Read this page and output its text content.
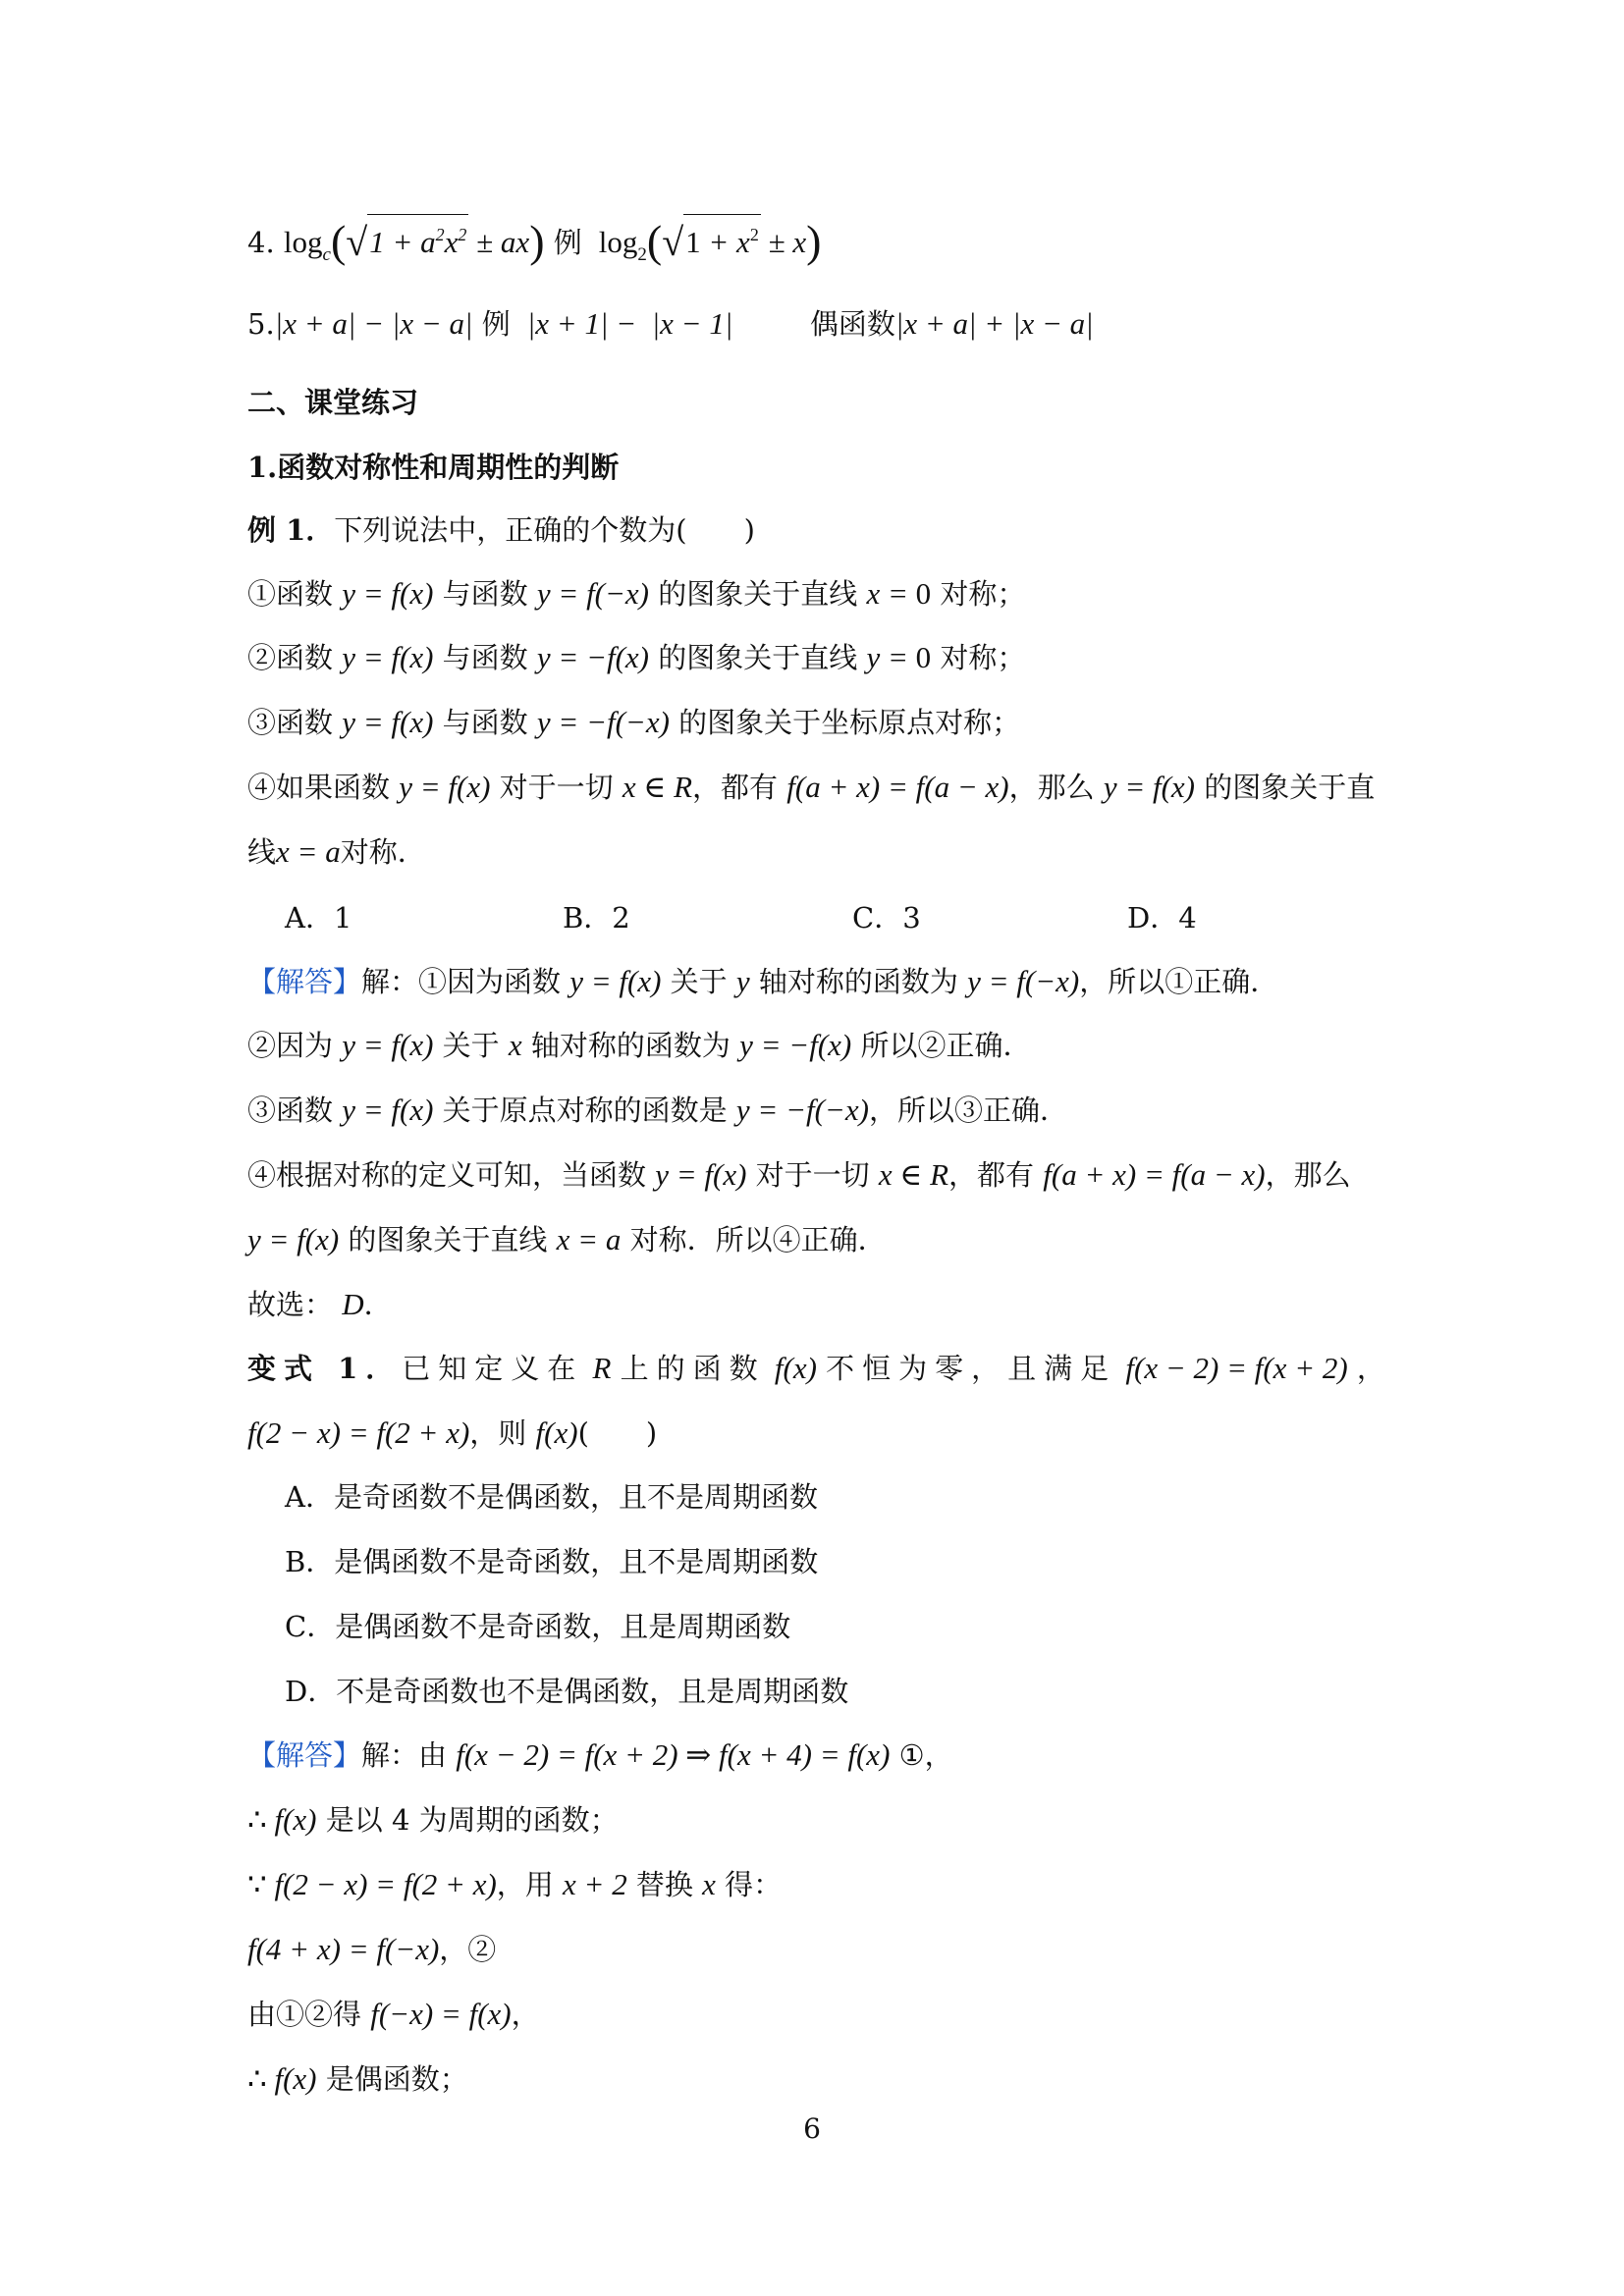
4. $\log_c(√1 + a^2x^2 \pm ax)$ 例 $\log_2(√1 + x^2 \pm x)$
5.|x + a| − |x − a| 例  |x + 1| −  |x − 1|	偶函数|x + a| + |x − a|
二、课堂练习
1.函数对称性和周期性的判断
例 1．下列说法中，正确的个数为(　　)
①函数 y = f(x) 与函数 y = f(−x) 的图象关于直线 x = 0 对称；
②函数 y = f(x) 与函数 y = −f(x) 的图象关于直线 y = 0 对称；
③函数 y = f(x) 与函数 y = −f(−x) 的图象关于坐标原点对称；
④如果函数 y = f(x) 对于一切 x ∈ R，都有 f(a + x) = f(a − x)，那么 y = f(x) 的图象关于直
线x = a对称．
A．1	B．2	C．3	D．4
【解答】解：①因为函数 y = f(x) 关于 y 轴对称的函数为 y = f(−x)，所以①正确．
②因为 y = f(x) 关于 x 轴对称的函数为 y = −f(x) 所以②正确．
③函数 y = f(x) 关于原点对称的函数是 y = −f(−x)，所以③正确．
④根据对称的定义可知，当函数 y = f(x) 对于一切 x ∈ R，都有 f(a + x) = f(a − x)，那么
y = f(x) 的图象关于直线 x = a 对称．所以④正确．
故选： D．
变式 1．已知定义在 R 上的函数 f(x) 不恒为零，且满足 f(x − 2) = f(x + 2) ，
f(2 − x) = f(2 + x)，则 f(x)(　　)
A．是奇函数不是偶函数，且不是周期函数
B．是偶函数不是奇函数，且不是周期函数
C．是偶函数不是奇函数，且是周期函数
D．不是奇函数也不是偶函数，且是周期函数
【解答】解：由 f(x − 2) = f(x + 2) ⇒ f(x + 4) = f(x) ①，
∴ f(x) 是以 4 为周期的函数；
∵ f(2 − x) = f(2 + x)，用 x + 2 替换 x 得：
f(4 + x) = f(−x)，②
由①②得 f(−x) = f(x)，
∴ f(x) 是偶函数；
6
